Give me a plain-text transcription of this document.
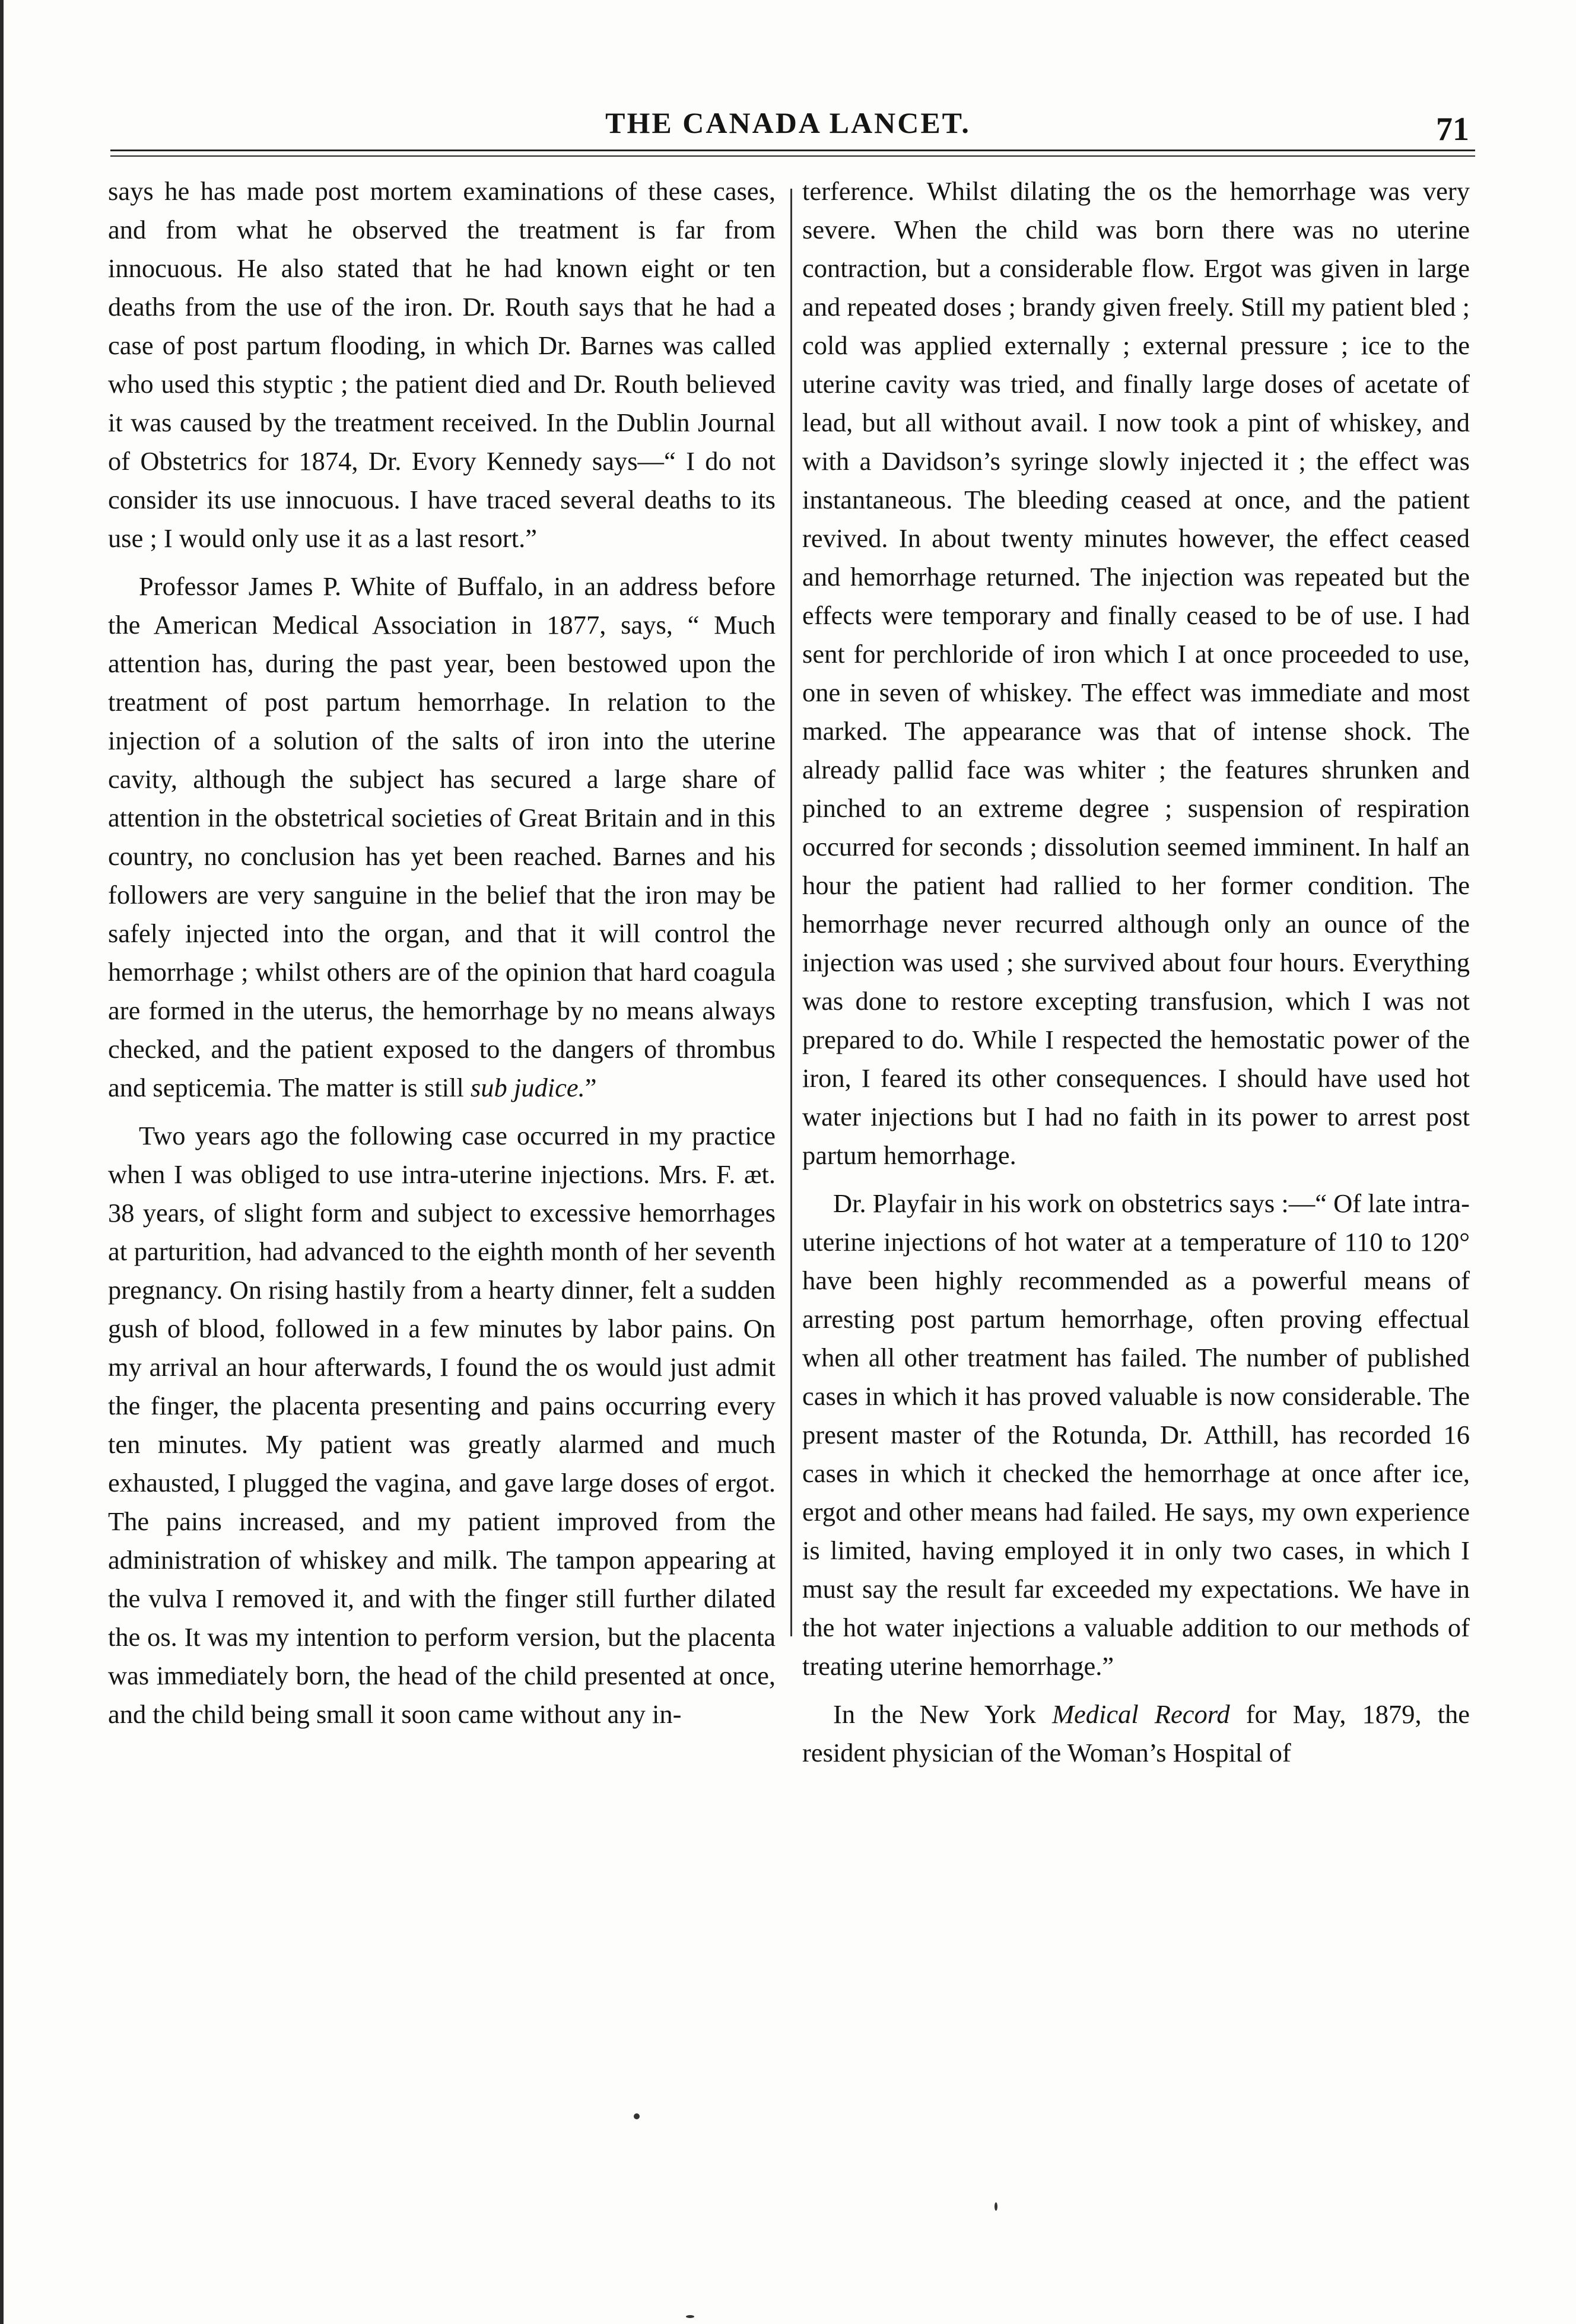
THE CANADA LANCET.	71

says he has made post mortem examinations of these cases, and from what he observed the treatment is far from innocuous. He also stated that he had known eight or ten deaths from the use of the iron. Dr. Routh says that he had a case of post partum flooding, in which Dr. Barnes was called who used this styptic ; the patient died and Dr. Routh believed it was caused by the treatment received. In the Dublin Journal of Obstetrics for 1874, Dr. Evory Kennedy says—“ I do not consider its use innocuous. I have traced several deaths to its use ; I would only use it as a last resort.”

Professor James P. White of Buffalo, in an address before the American Medical Association in 1877, says, “ Much attention has, during the past year, been bestowed upon the treatment of post partum hemorrhage. In relation to the injection of a solution of the salts of iron into the uterine cavity, although the subject has secured a large share of attention in the obstetrical societies of Great Britain and in this country, no conclusion has yet been reached. Barnes and his followers are very sanguine in the belief that the iron may be safely injected into the organ, and that it will control the hemorrhage ; whilst others are of the opinion that hard coagula are formed in the uterus, the hemorrhage by no means always checked, and the patient exposed to the dangers of thrombus and septicemia. The matter is still sub judice.”

Two years ago the following case occurred in my practice when I was obliged to use intra-uterine injections. Mrs. F. æt. 38 years, of slight form and subject to excessive hemorrhages at parturition, had advanced to the eighth month of her seventh pregnancy. On rising hastily from a hearty dinner, felt a sudden gush of blood, followed in a few minutes by labor pains. On my arrival an hour afterwards, I found the os would just admit the finger, the placenta presenting and pains occurring every ten minutes. My patient was greatly alarmed and much exhausted, I plugged the vagina, and gave large doses of ergot. The pains increased, and my patient improved from the administration of whiskey and milk. The tampon appearing at the vulva I removed it, and with the finger still further dilated the os. It was my intention to perform version, but the placenta was immediately born, the head of the child presented at once, and the child being small it soon came without any in-

terference. Whilst dilating the os the hemorrhage was very severe. When the child was born there was no uterine contraction, but a considerable flow. Ergot was given in large and repeated doses ; brandy given freely. Still my patient bled ; cold was applied externally ; external pressure ; ice to the uterine cavity was tried, and finally large doses of acetate of lead, but all without avail. I now took a pint of whiskey, and with a Davidson’s syringe slowly injected it ; the effect was instantaneous. The bleeding ceased at once, and the patient revived. In about twenty minutes however, the effect ceased and hemorrhage returned. The injection was repeated but the effects were temporary and finally ceased to be of use. I had sent for perchloride of iron which I at once proceeded to use, one in seven of whiskey. The effect was immediate and most marked. The appearance was that of intense shock. The already pallid face was whiter ; the features shrunken and pinched to an extreme degree ; suspension of respiration occurred for seconds ; dissolution seemed imminent. In half an hour the patient had rallied to her former condition. The hemorrhage never recurred although only an ounce of the injection was used ; she survived about four hours. Everything was done to restore excepting transfusion, which I was not prepared to do. While I respected the hemostatic power of the iron, I feared its other consequences. I should have used hot water injections but I had no faith in its power to arrest post partum hemorrhage.

Dr. Playfair in his work on obstetrics says :—“ Of late intra-uterine injections of hot water at a temperature of 110 to 120° have been highly recommended as a powerful means of arresting post partum hemorrhage, often proving effectual when all other treatment has failed. The number of published cases in which it has proved valuable is now considerable. The present master of the Rotunda, Dr. Atthill, has recorded 16 cases in which it checked the hemorrhage at once after ice, ergot and other means had failed. He says, my own experience is limited, having employed it in only two cases, in which I must say the result far exceeded my expectations. We have in the hot water injections a valuable addition to our methods of treating uterine hemorrhage.”

In the New York Medical Record for May, 1879, the resident physician of the Woman’s Hospital of
